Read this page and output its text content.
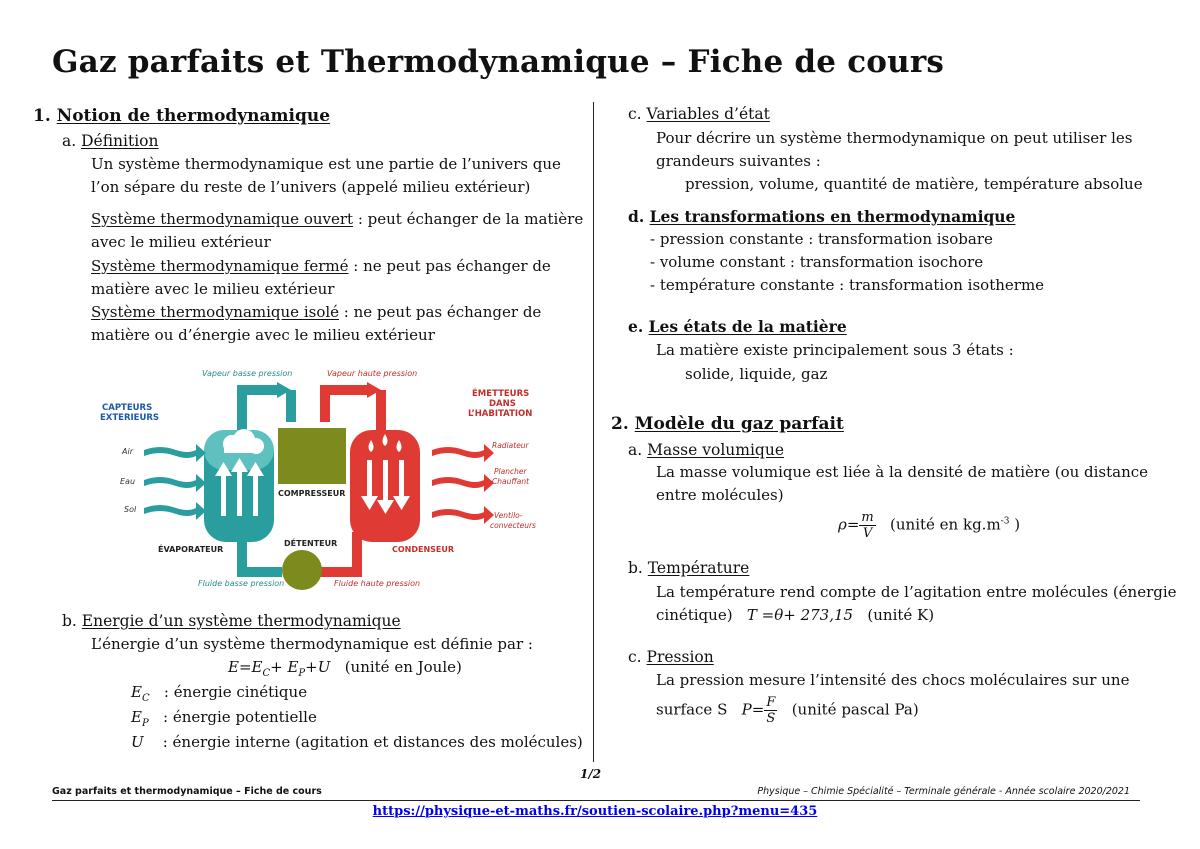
Gaz parfaits et Thermodynamique – Fiche de cours
1. Notion de thermodynamique
a. Définition
Un système thermodynamique est une partie de l’univers que
l’on sépare du reste de l’univers (appelé milieu extérieur)
Système thermodynamique ouvert : peut échanger de la matière
avec le milieu extérieur
Système thermodynamique fermé : ne peut pas échanger de
matière avec le milieu extérieur
Système thermodynamique isolé : ne peut pas échanger de
matière ou d’énergie avec le milieu extérieur
CAPTEURS
EXTERIEURS
Air
Eau
Sol
Vapeur basse pression	Vapeur haute pression
ÉMETTEURS
DANS
L’HABITATION
Radiateur
Plancher
Chauffant
Ventilo-
convecteurs
COMPRESSEUR
ÉVAPORATEUR
DÉTENTEUR
CONDENSEUR
Fluide basse pression	Fluide haute pression
b. Energie d’un système thermodynamique
L’énergie d’un système thermodynamique est définie par :
$E=E_C+ E_P+U$ (unité en Joule)
$E_C$ : énergie cinétique
$E_P$ : énergie potentielle
U : énergie interne (agitation et distances des molécules)
c. Variables d’état
Pour décrire un système thermodynamique on peut utiliser les
grandeurs suivantes :
pression, volume, quantité de matière, température absolue
d. Les transformations en thermodynamique
- pression constante : transformation isobare
- volume constant : transformation isochore
- température constante : transformation isotherme
e. Les états de la matière
La matière existe principalement sous 3 états :
solide, liquide, gaz
2. Modèle du gaz parfait
a. Masse volumique
La masse volumique est liée à la densité de matière (ou distance
entre molécules)
$\rho= \frac{m}{V}$ (unité en $kg.m^{-3}$ )
b. Température
La température rend compte de l’agitation entre molécules (énergie
cinétique) T =θ+ 273,15 (unité K)
c. Pression
La pression mesure l’intensité des chocs moléculaires sur une
surface S $P= \frac{F}{S}$ (unité pascal Pa)
1/2
Gaz parfaits et thermodynamique – Fiche de cours	Physique – Chimie Spécialité – Terminale générale - Année scolaire 2020/2021
https://physique-et-maths.fr/soutien-scolaire.php?menu=435
